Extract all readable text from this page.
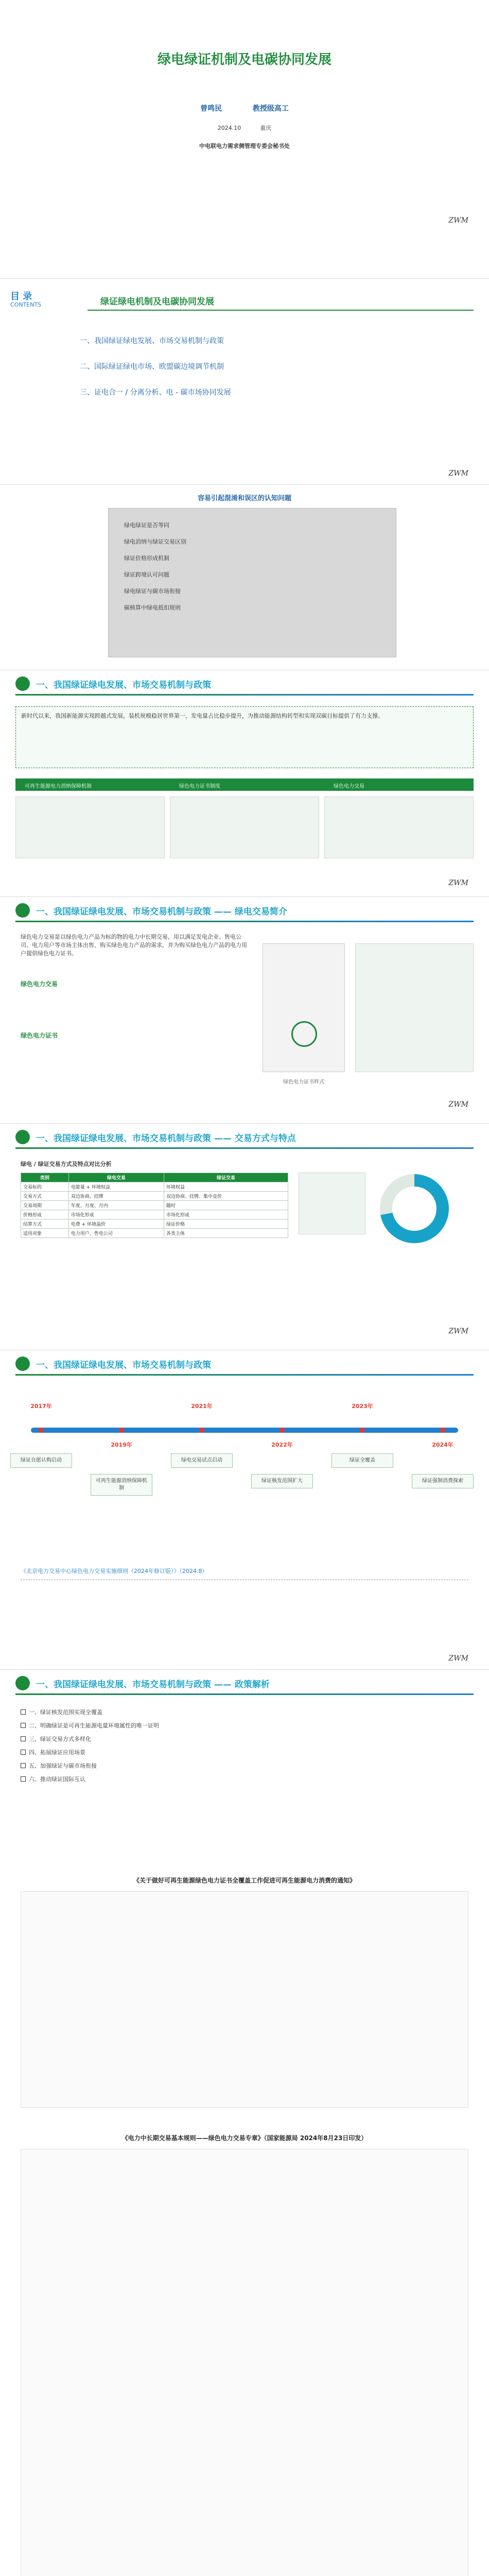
绿电绿证机制及电碳协同发展
曾鸣民	教授级高工
2024.10	重庆
中电联电力需求侧管理专委会秘书处
ZWM
目 录
CONTENTS	绿证绿电机制及电碳协同发展
一、我国绿证绿电发展、市场交易机制与政策
二、国际绿证绿电市场、欧盟碳边境调节机制
三、证电合一 / 分离分析、电 - 碳市场协同发展
ZWM
容易引起混淆和误区的认知问题
绿电绿证是否等同
绿电消纳与绿证交易区别
绿证价格形成机制
绿证跨境认可问题
绿电绿证与碳市场衔接
碳核算中绿电抵扣规则
一、我国绿证绿电发展、市场交易机制与政策
新时代以来，我国新能源实现跨越式发展，装机规模稳居世界第一，发电量占比稳步提升，为推动能源结构转型和实现双碳目标提供了有力支撑。
可再生能源电力消纳保障机制	绿色电力证书制度	绿色电力交易
ZWM
一、我国绿证绿电发展、市场交易机制与政策 —— 绿电交易简介
绿色电力交易是以绿色电力产品为标的物的电力中长期交易，用以满足发电企业、售电公司、电力用户等市场主体出售、购买绿色电力产品的需求，并为购买绿色电力产品的电力用户提供绿色电力证书。
绿色电力交易
绿色电力证书
绿色电力证书样式
ZWM
一、我国绿证绿电发展、市场交易机制与政策 —— 交易方式与特点
绿电 / 绿证交易方式及特点对比分析
类别	绿电交易	绿证交易
交易标的	电能量 + 环境权益	环境权益
交易方式	双边协商、挂牌	双边协商、挂牌、集中竞价
交易周期	年度、月度、月内	随时
价格形成	市场化形成	市场化形成
结算方式	电费 + 环境溢价	绿证价格
适用对象	电力用户、售电公司	各类主体
ZWM
一、我国绿证绿电发展、市场交易机制与政策
2017年
绿证自愿认购启动
2019年
可再生能源消纳保障机制
2021年
绿电交易试点启动
2022年
绿证核发范围扩大
2023年
绿证全覆盖
2024年
绿证强制消费探索
《北京电力交易中心绿色电力交易实施细则（2024年修订版）》（2024.8）
ZWM
一、我国绿证绿电发展、市场交易机制与政策 —— 政策解析
一、绿证核发范围实现全覆盖
二、明确绿证是可再生能源电量环境属性的唯一证明
三、绿证交易方式多样化
四、拓展绿证应用场景
五、加强绿证与碳市场衔接
六、推动绿证国际互认
《关于做好可再生能源绿色电力证书全覆盖工作促进可再生能源电力消费的通知》
《电力中长期交易基本规则——绿色电力交易专章》（国家能源局 2024年8月23日印发）
